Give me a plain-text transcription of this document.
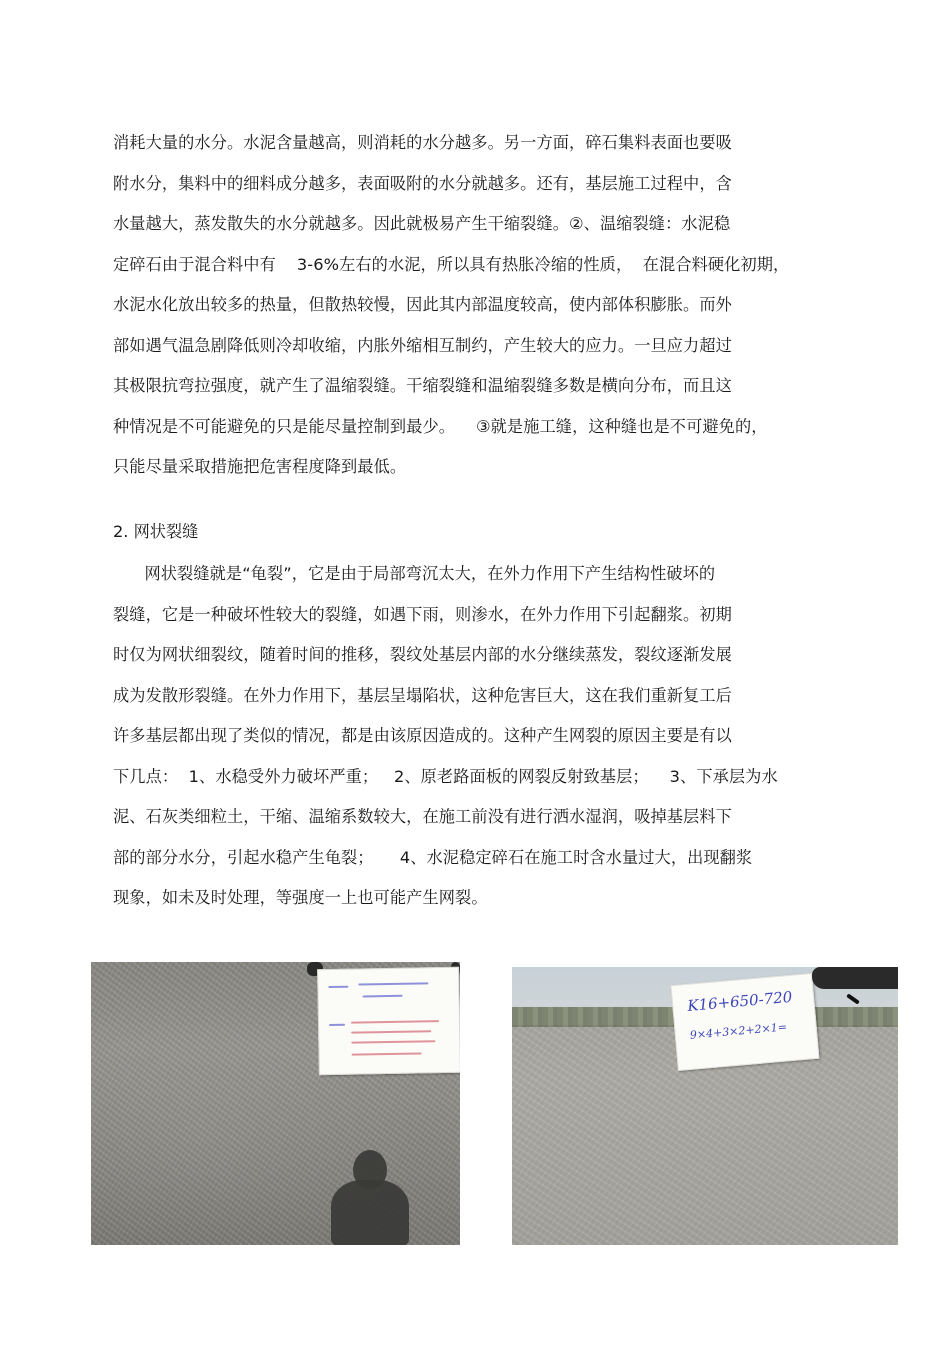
消耗大量的水分。水泥含量越高，则消耗的水分越多。另一方面，碎石集料表面也要吸
附水分，集料中的细料成分越多，表面吸附的水分就越多。还有，基层施工过程中，含
水量越大，蒸发散失的水分就越多。因此就极易产生干缩裂缝。②、温缩裂缝：水泥稳
定碎石由于混合料中有    3-6%左右的水泥，所以具有热胀冷缩的性质，  在混合料硬化初期，
水泥水化放出较多的热量，但散热较慢，因此其内部温度较高，使内部体积膨胀。而外
部如遇气温急剧降低则冷却收缩，内胀外缩相互制约，产生较大的应力。一旦应力超过
其极限抗弯拉强度，就产生了温缩裂缝。干缩裂缝和温缩裂缝多数是横向分布，而且这
种情况是不可能避免的只是能尽量控制到最少。    ③就是施工缝，这种缝也是不可避免的，
只能尽量采取措施把危害程度降到最低。
2. 网状裂缝
网状裂缝就是“龟裂”，它是由于局部弯沉太大，在外力作用下产生结构性破坏的
裂缝，它是一种破坏性较大的裂缝，如遇下雨，则渗水，在外力作用下引起翻浆。初期
时仅为网状细裂纹，随着时间的推移，裂纹处基层内部的水分继续蒸发，裂纹逐渐发展
成为发散形裂缝。在外力作用下，基层呈塌陷状，这种危害巨大，这在我们重新复工后
许多基层都出现了类似的情况，都是由该原因造成的。这种产生网裂的原因主要是有以
下几点：  1、水稳受外力破坏严重；   2、原老路面板的网裂反射致基层；    3、下承层为水
泥、石灰类细粒土，干缩、温缩系数较大，在施工前没有进行洒水湿润，吸掉基层料下
部的部分水分，引起水稳产生龟裂；     4、水泥稳定碎石在施工时含水量过大，出现翻浆
现象，如未及时处理，等强度一上也可能产生网裂。
K16+650-720
9×4+3×2+2×1=
